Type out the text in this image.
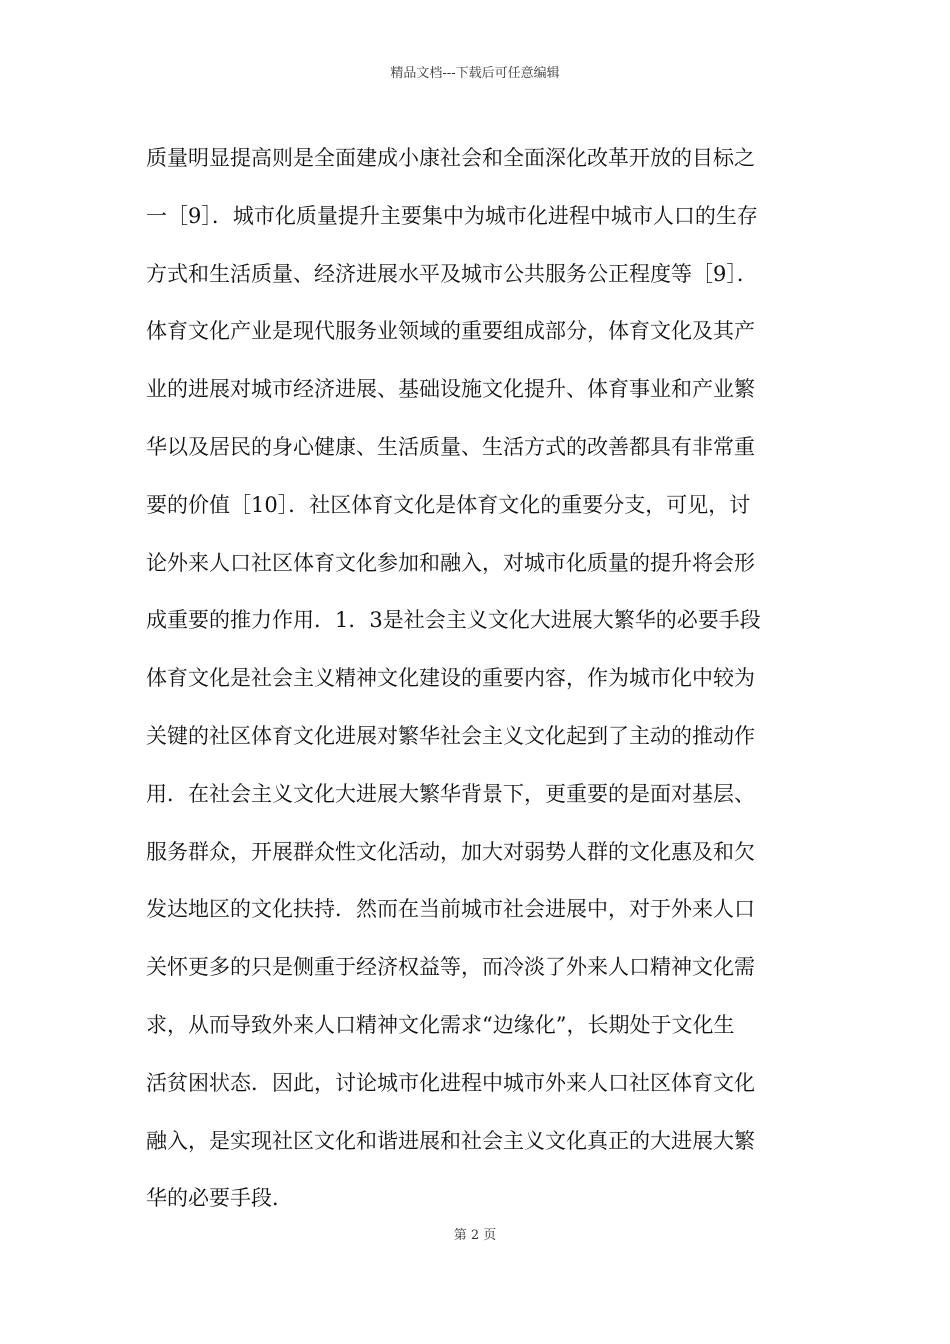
精品文档---下载后可任意编辑
质量明显提高则是全面建成小康社会和全面深化改革开放的目标之
一［9］．城市化质量提升主要集中为城市化进程中城市人口的生存
方式和生活质量、经济进展水平及城市公共服务公正程度等［9］．
体育文化产业是现代服务业领域的重要组成部分，体育文化及其产
业的进展对城市经济进展、基础设施文化提升、体育事业和产业繁
华以及居民的身心健康、生活质量、生活方式的改善都具有非常重
要的价值［10］．社区体育文化是体育文化的重要分支，可见，讨
论外来人口社区体育文化参加和融入，对城市化质量的提升将会形
成重要的推力作用．1．3是社会主义文化大进展大繁华的必要手段
体育文化是社会主义精神文化建设的重要内容，作为城市化中较为
关键的社区体育文化进展对繁华社会主义文化起到了主动的推动作
用．在社会主义文化大进展大繁华背景下，更重要的是面对基层、
服务群众，开展群众性文化活动，加大对弱势人群的文化惠及和欠
发达地区的文化扶持．然而在当前城市社会进展中，对于外来人口
关怀更多的只是侧重于经济权益等，而冷淡了外来人口精神文化需
求，从而导致外来人口精神文化需求“边缘化”，长期处于文化生
活贫困状态．因此，讨论城市化进程中城市外来人口社区体育文化
融入，是实现社区文化和谐进展和社会主义文化真正的大进展大繁
华的必要手段．
第 2 页
